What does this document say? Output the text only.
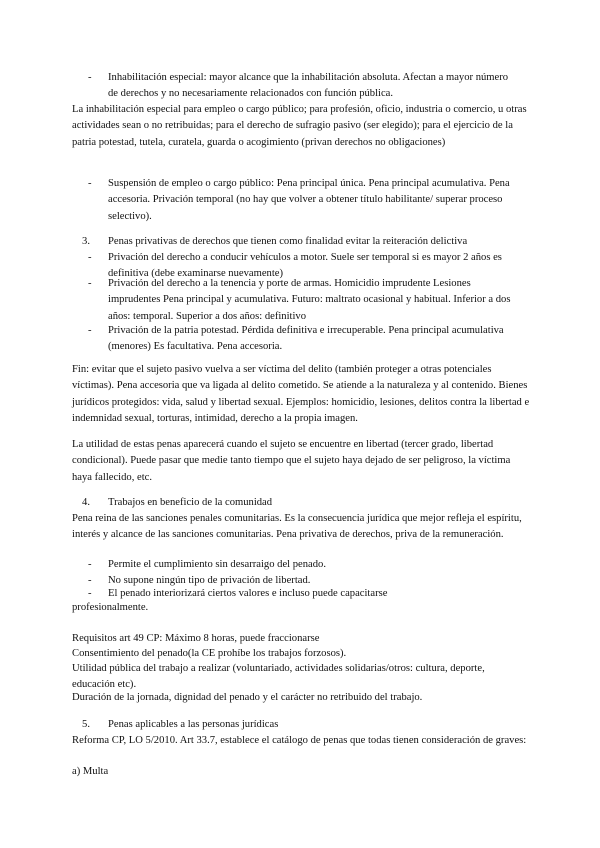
-	Inhabilitación especial: mayor alcance que la inhabilitación absoluta. Afectan a mayor número de derechos y no necesariamente relacionados con función pública.

La inhabilitación especial para empleo o cargo público; para profesión, oficio, industria o comercio, u otras actividades sean o no retribuidas; para el derecho de sufragio pasivo (ser elegido); para el ejercicio de la patria potestad, tutela, curatela, guarda o acogimiento (privan derechos no obligaciones)

-	Suspensión de empleo o cargo público: Pena principal única. Pena principal acumulativa. Pena accesoria. Privación temporal (no hay que volver a obtener título habilitante/ superar proceso selectivo).
3. Penas privativas de derechos que tienen como finalidad evitar la reiteración delictiva
-	Privación del derecho a conducir vehículos a motor. Suele ser temporal si es mayor 2 años es definitiva (debe examinarse nuevamente)
-	Privación del derecho a la tenencia y porte de armas. Homicidio imprudente Lesiones imprudentes Pena principal y acumulativa. Futuro: maltrato ocasional y habitual. Inferior a dos años: temporal. Superior a dos años: definitivo
-	Privación de la patria potestad. Pérdida definitiva e irrecuperable. Pena principal acumulativa (menores) Es facultativa. Pena accesoria.

Fin: evitar que el sujeto pasivo vuelva a ser víctima del delito (también proteger a otras potenciales víctimas). Pena accesoria que va ligada al delito cometido. Se atiende a la naturaleza y al contenido. Bienes jurídicos protegidos: vida, salud y libertad sexual. Ejemplos: homicidio, lesiones, delitos contra la libertad e indemnidad sexual, torturas, intimidad, derecho a la propia imagen.

La utilidad de estas penas aparecerá cuando el sujeto se encuentre en libertad (tercer grado, libertad condicional). Puede pasar que medie tanto tiempo que el sujeto haya dejado de ser peligroso, la víctima haya fallecido, etc.

4. Trabajos en beneficio de la comunidad

Pena reina de las sanciones penales comunitarias. Es la consecuencia jurídica que mejor refleja el espíritu, interés y alcance de las sanciones comunitarias. Pena privativa de derechos, priva de la remuneración.

-	Permite el cumplimiento sin desarraigo del penado.
-	No supone ningún tipo de privación de libertad.
-	El penado interiorizará ciertos valores e incluso puede capacitarse

profesionalmente.

Requisitos art 49 CP: Máximo 8 horas, puede fraccionarse

Consentimiento del penado(la CE prohíbe los trabajos forzosos).

Utilidad pública del trabajo a realizar (voluntariado, actividades solidarias/otros: cultura, deporte, educación etc).

Duración de la jornada, dignidad del penado y el carácter no retribuido del trabajo.

5. Penas aplicables a las personas jurídicas

Reforma CP, LO 5/2010. Art 33.7, establece el catálogo de penas que todas tienen consideración de graves:

a) Multa
